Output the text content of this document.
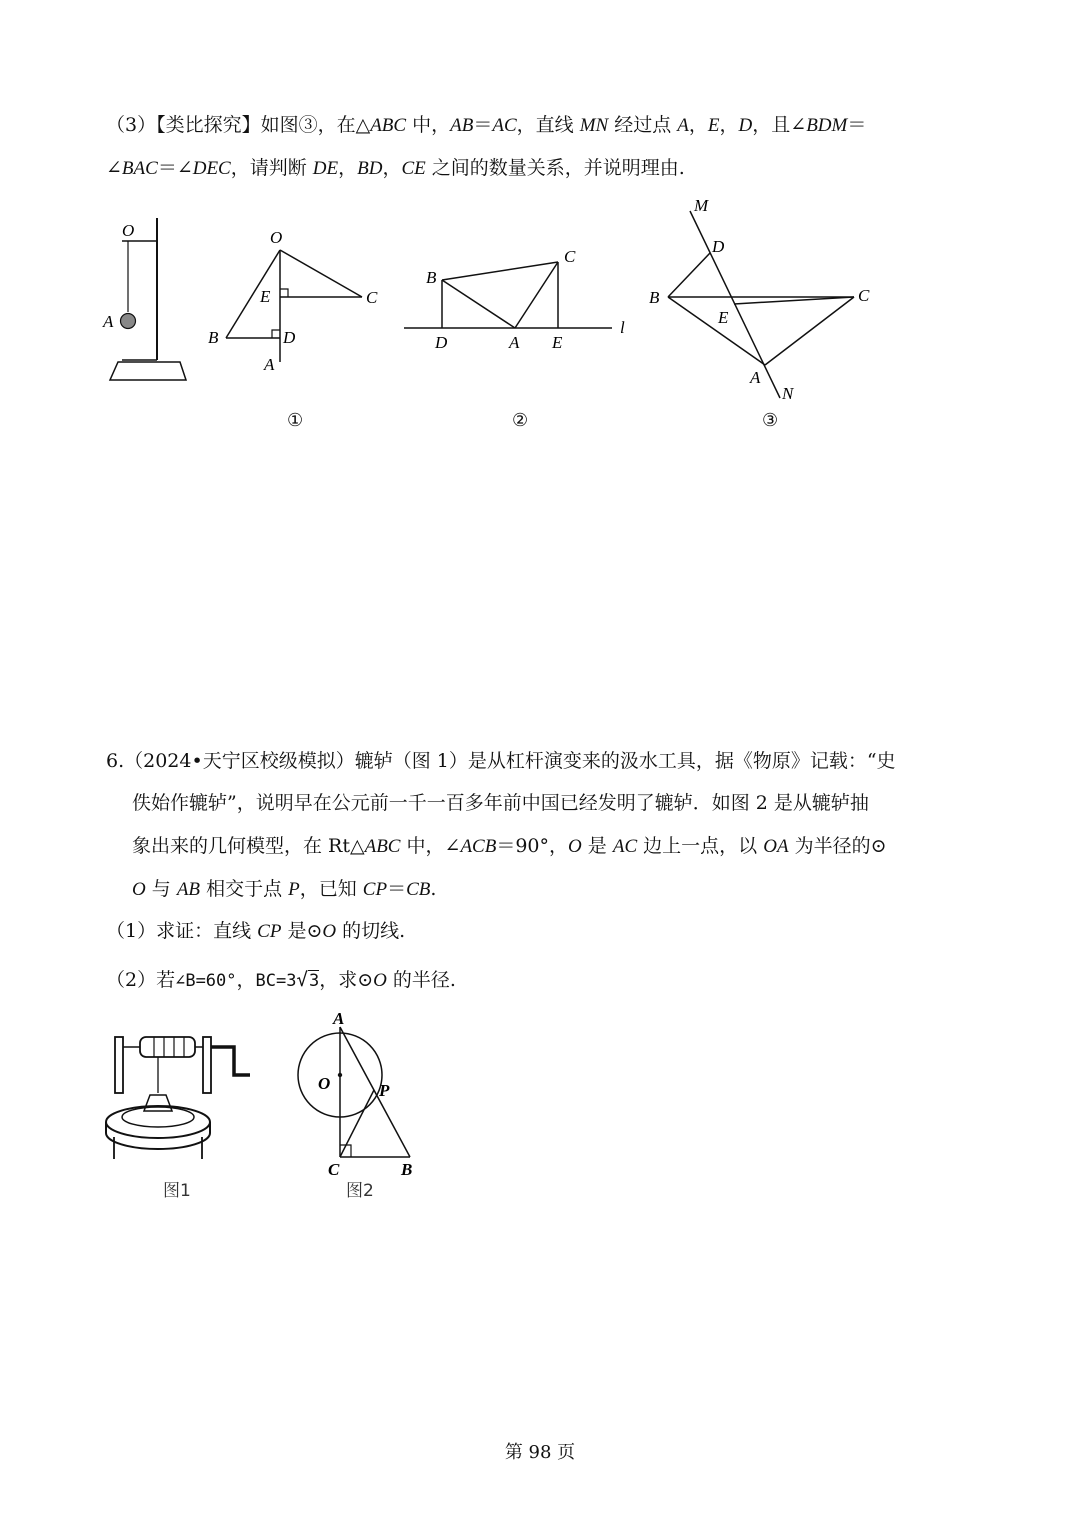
（3）【类比探究】如图③，在△ABC 中，AB＝AC，直线 MN 经过点 A，E，D，且∠BDM＝
∠BAC＝∠DEC，请判断 DE，BD，CE 之间的数量关系，并说明理由.
O
A
O
E	C
B	D
A
B
C
D	A E
l
M
D
B	C
E
A
N
①	②	③
6.（2024•天宁区校级模拟）辘轳（图 1）是从杠杆演变来的汲水工具，据《物原》记载：“史
佚始作辘轳”，说明早在公元前一千一百多年前中国已经发明了辘轳．如图 2 是从辘轳抽
象出来的几何模型，在 Rt△ABC 中，∠ACB＝90°，O 是 AC 边上一点，以 OA 为半径的⊙
O 与 AB 相交于点 P，已知 CP＝CB.
（1）求证：直线 CP 是⊙O 的切线.
（2）若∠B=60°，BC=3√3，求⊙O 的半径.
A
O	P
C	B
图1	图2
第 98 页
